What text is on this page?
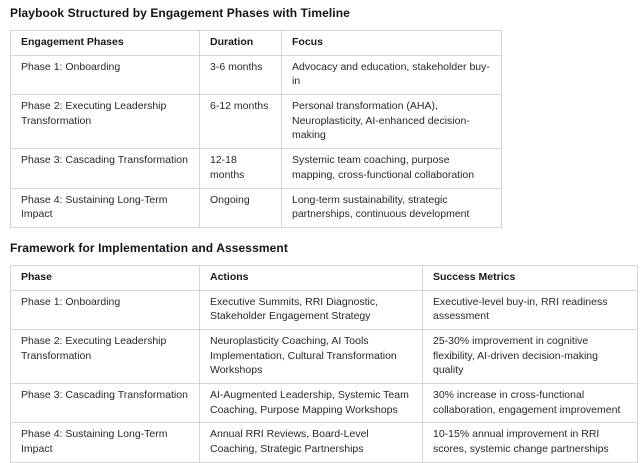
Playbook Structured by Engagement Phases with Timeline
Engagement Phases	Duration	Focus
Phase 1: Onboarding	3-6 months	Advocacy and education, stakeholder buy-in
Phase 2: Executing Leadership Transformation	6-12 months	Personal transformation (AHA), Neuroplasticity, AI-enhanced decision-making
Phase 3: Cascading Transformation	12-18 months	Systemic team coaching, purpose mapping, cross-functional collaboration
Phase 4: Sustaining Long-Term Impact	Ongoing	Long-term sustainability, strategic partnerships, continuous development
Framework for Implementation and Assessment
Phase	Actions	Success Metrics
Phase 1: Onboarding	Executive Summits, RRI Diagnostic, Stakeholder Engagement Strategy	Executive-level buy-in, RRI readiness assessment
Phase 2: Executing Leadership Transformation	Neuroplasticity Coaching, AI Tools Implementation, Cultural Transformation Workshops	25-30% improvement in cognitive flexibility, AI-driven decision-making quality
Phase 3: Cascading Transformation	AI-Augmented Leadership, Systemic Team Coaching, Purpose Mapping Workshops	30% increase in cross-functional collaboration, engagement improvement
Phase 4: Sustaining Long-Term Impact	Annual RRI Reviews, Board-Level Coaching, Strategic Partnerships	10-15% annual improvement in RRI scores, systemic change partnerships
